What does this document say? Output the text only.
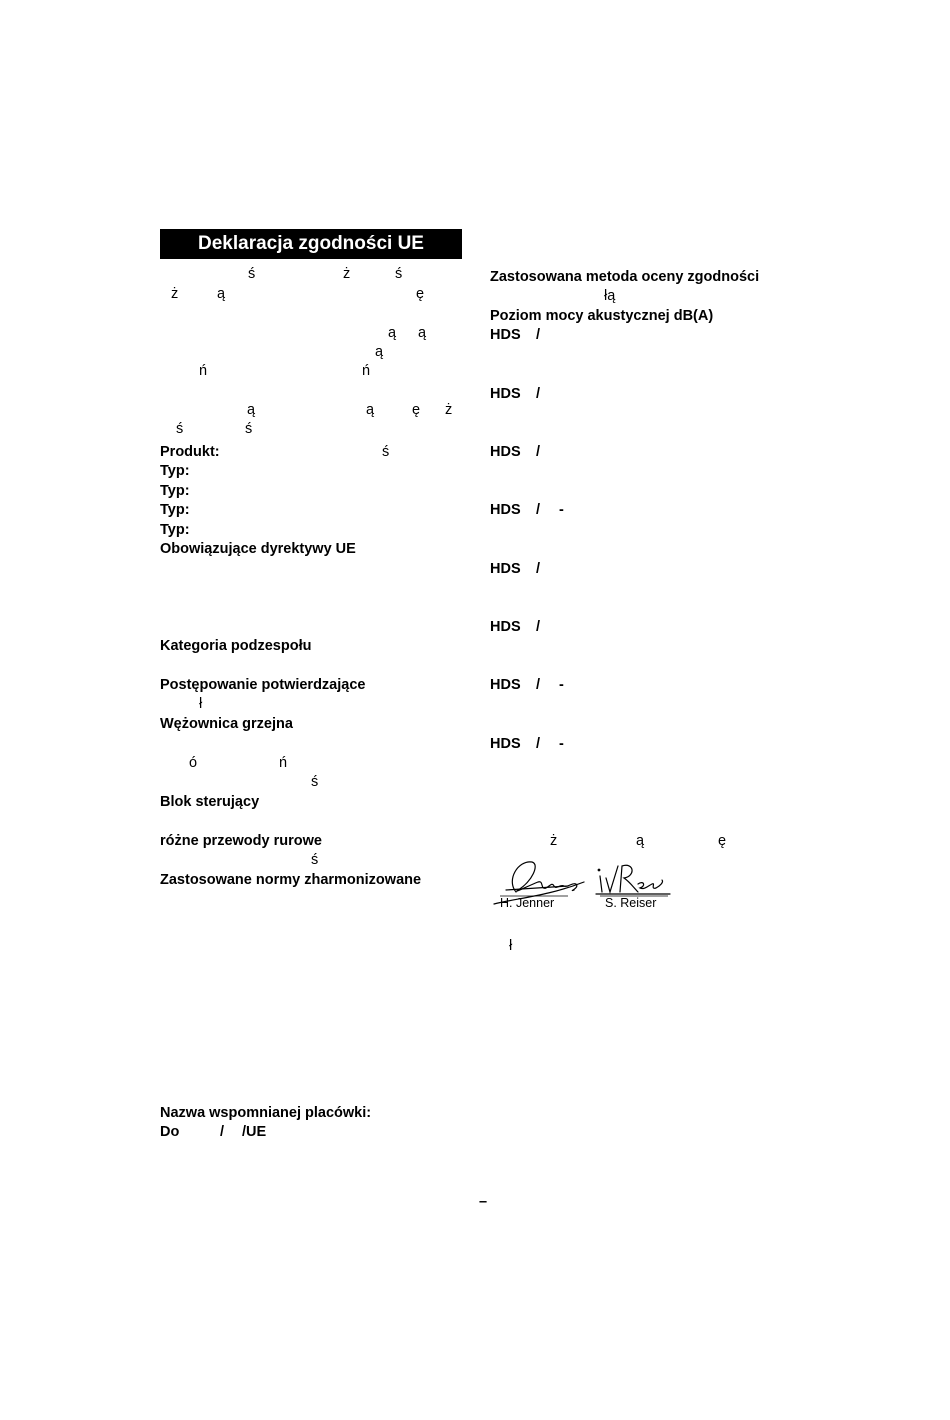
Deklaracja zgodności UE
ś	ż	ś
ż	ą	ę
ą ą
ą
ń	ń
ą	ą	ę ż
ś	ś
Produkt:	ś
Typ:
Typ:
Typ:
Typ:
Obowiązujące dyrektywy UE
Kategoria podzespołu
Postępowanie potwierdzające
ł
Wężownica grzejna
ó	ń
ś
Blok sterujący
różne przewody rurowe
ś
Zastosowane normy zharmonizowane
Nazwa wspomnianej placówki:
Do	/ /UE
Zastosowana metoda oceny zgodności
łą
Poziom mocy akustycznej dB(A)
HDS /
HDS /
HDS /
HDS / -
HDS /
HDS /
HDS / -
HDS / -
ż	ą	ę
H. Jenner	S. Reiser
ł
–
